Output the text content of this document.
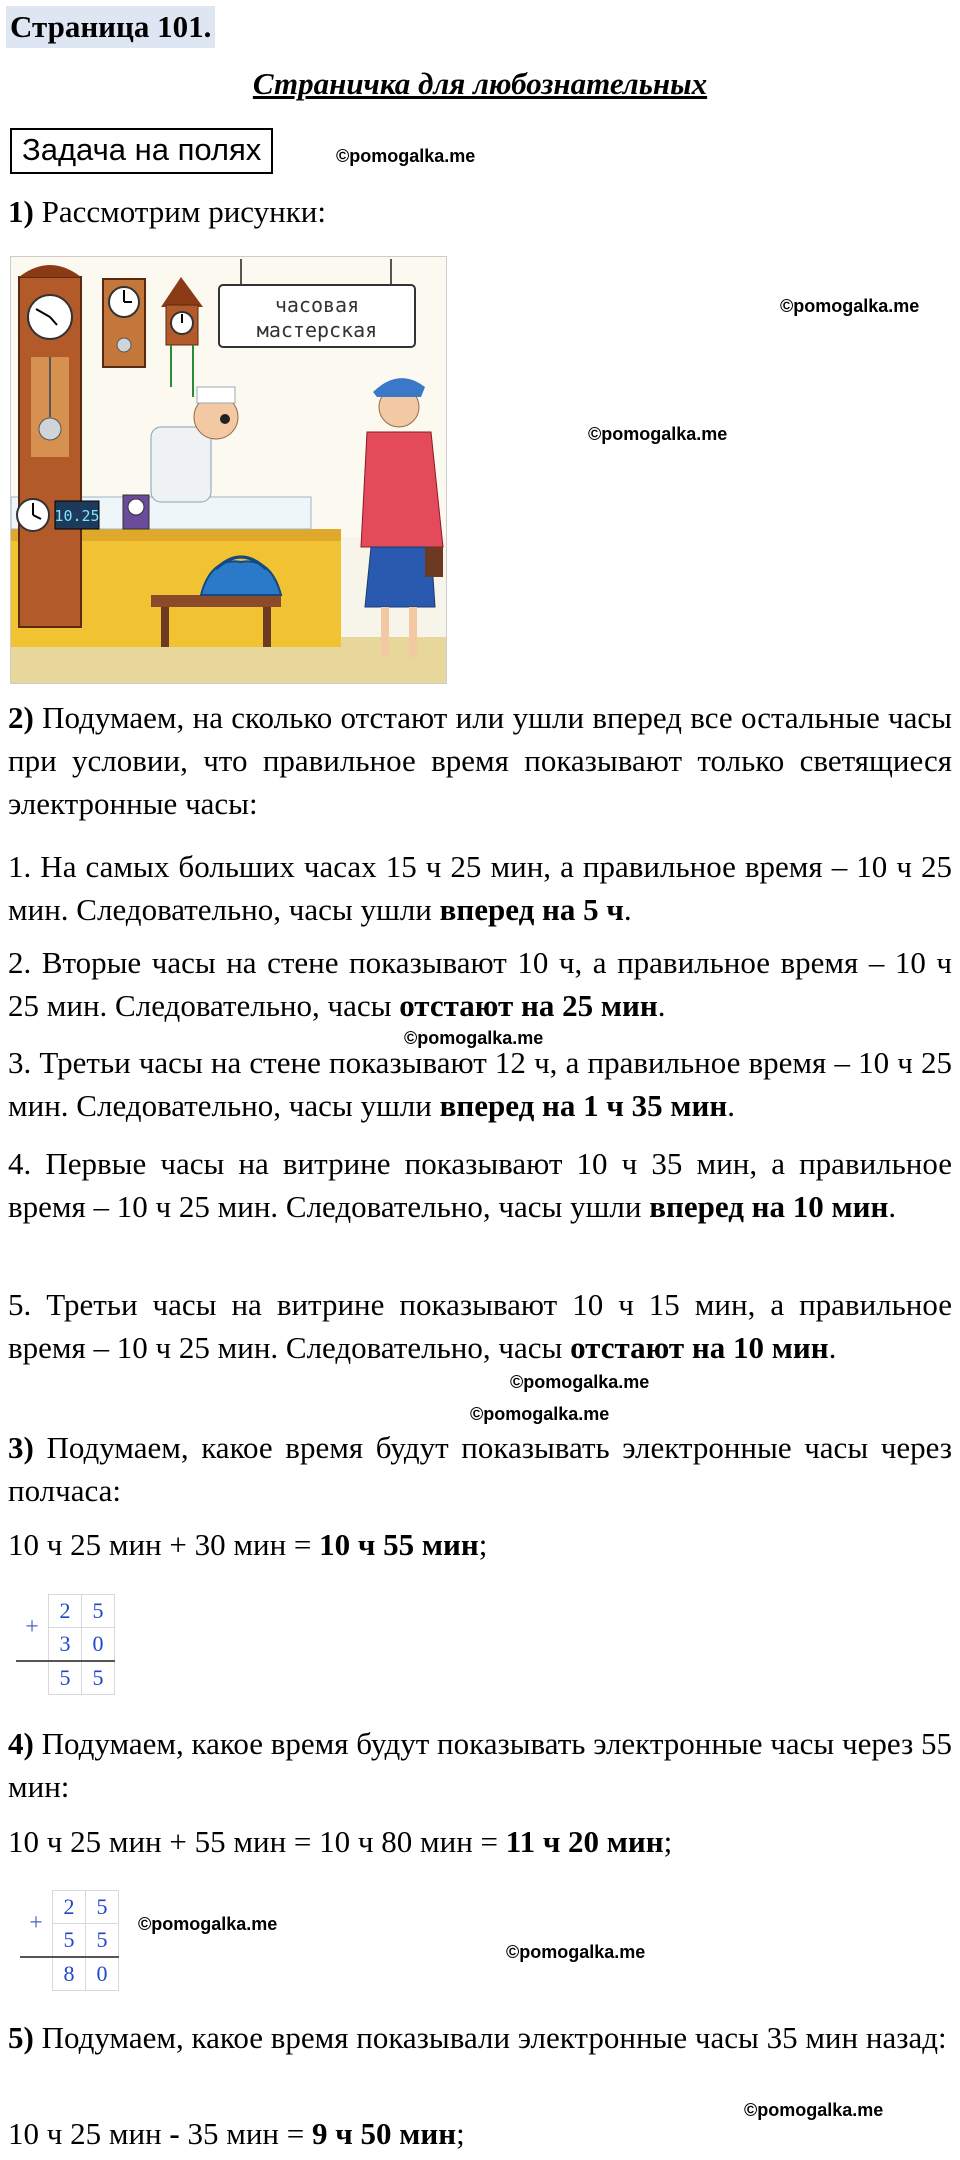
Страница 101.
Страничка для любознательных
Задача на полях	©pomogalka.me
©pomogalka.me
©pomogalka.me
©pomogalka.me
©pomogalka.me
©pomogalka.me
©pomogalka.me
©pomogalka.me
©pomogalka.me
1) Рассмотрим рисунки:
часовая
мастерская
10.25
2) Подумаем, на сколько отстают или ушли вперед все остальные часы при условии, что правильное время показывают только светящиеся электронные часы:
1. На самых больших часах 15 ч 25 мин, а правильное время – 10 ч 25 мин. Следовательно, часы ушли вперед на 5 ч.
2. Вторые часы на стене показывают 10 ч, а правильное время – 10 ч 25 мин. Следовательно, часы отстают на 25 мин.
3. Третьи часы на стене показывают 12 ч, а правильное время – 10 ч 25 мин. Следовательно, часы ушли вперед на 1 ч 35 мин.
4. Первые часы на витрине показывают 10 ч 35 мин, а правильное время – 10 ч 25 мин. Следовательно, часы ушли вперед на 10 мин.
5. Третьи часы на витрине показывают 10 ч 15 мин, а правильное время – 10 ч 25 мин. Следовательно, часы отстают на 10 мин.
3) Подумаем, какое время будут показывать электронные часы через полчаса:
10 ч 25 мин + 30 мин = 10 ч 55 мин;
+	2	5
	3	0
	5	5
4) Подумаем, какое время будут показывать электронные часы через 55 мин:
10 ч 25 мин + 55 мин = 10 ч 80 мин = 11 ч 20 мин;
+	2	5
	5	5
	8	0
5) Подумаем, какое время показывали электронные часы 35 мин назад:
10 ч 25 мин - 35 мин = 9 ч 50 мин;
